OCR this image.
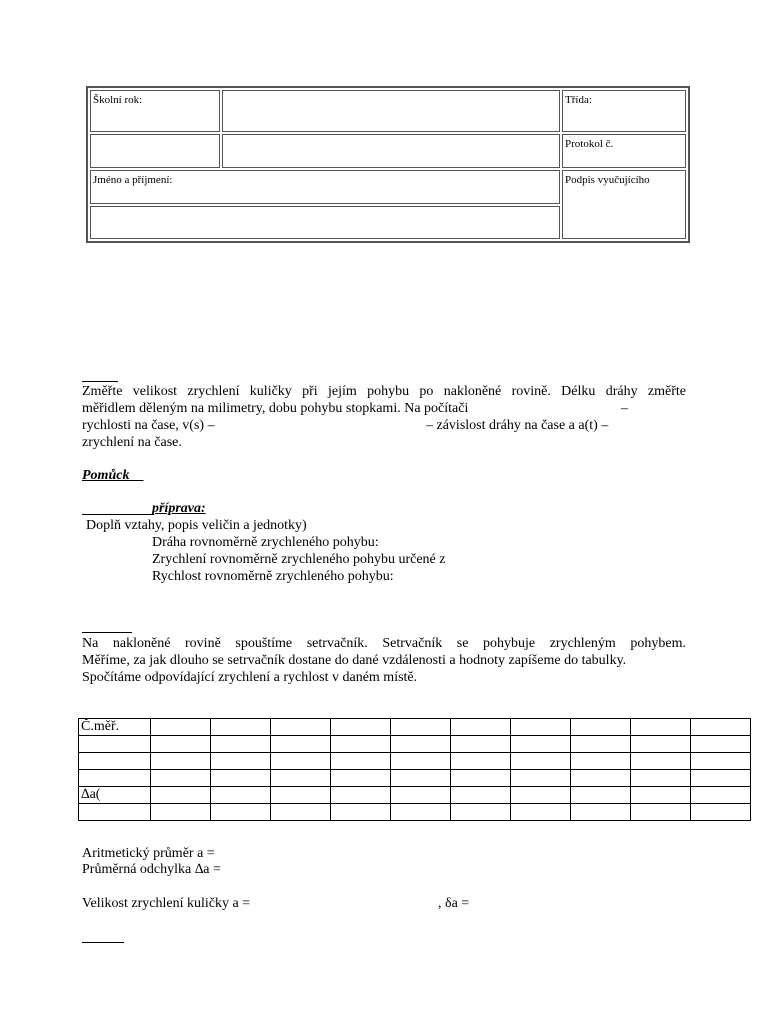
Školní rok:		Třída:
		Protokol č.
Jméno a příjmení:		Podpis vyučujícího

Změřte velikost zrychlení kuličky při jejím pohybu po nakloněné rovině. Délku dráhy změřte
měřidlem děleným na milimetry, dobu pohybu stopkami. Na počítači	–
rychlosti na čase, v(s) –	– závislost dráhy na čase a a(t) –
zrychlení na čase.
Pomůck
příprava:
Doplň vztahy, popis veličin a jednotky)
Dráha rovnoměrně zrychleného pohybu:
Zrychlení rovnoměrně zrychleného pohybu určené z
Rychlost rovnoměrně zrychleného pohybu:
Na nakloněné rovině spouštíme setrvačník. Setrvačník se pohybuje zrychleným pohybem.
Měříme, za jak dlouho se setrvačník dostane do dané vzdálenosti a hodnoty zapíšeme do tabulky.
Spočítáme odpovídající zrychlení a rychlost v daném místě.
Č.měř.										

∆a(										

Aritmetický průměr a =
Průměrná odchylka ∆a =
Velikost zrychlení kuličky a =	, δa =
